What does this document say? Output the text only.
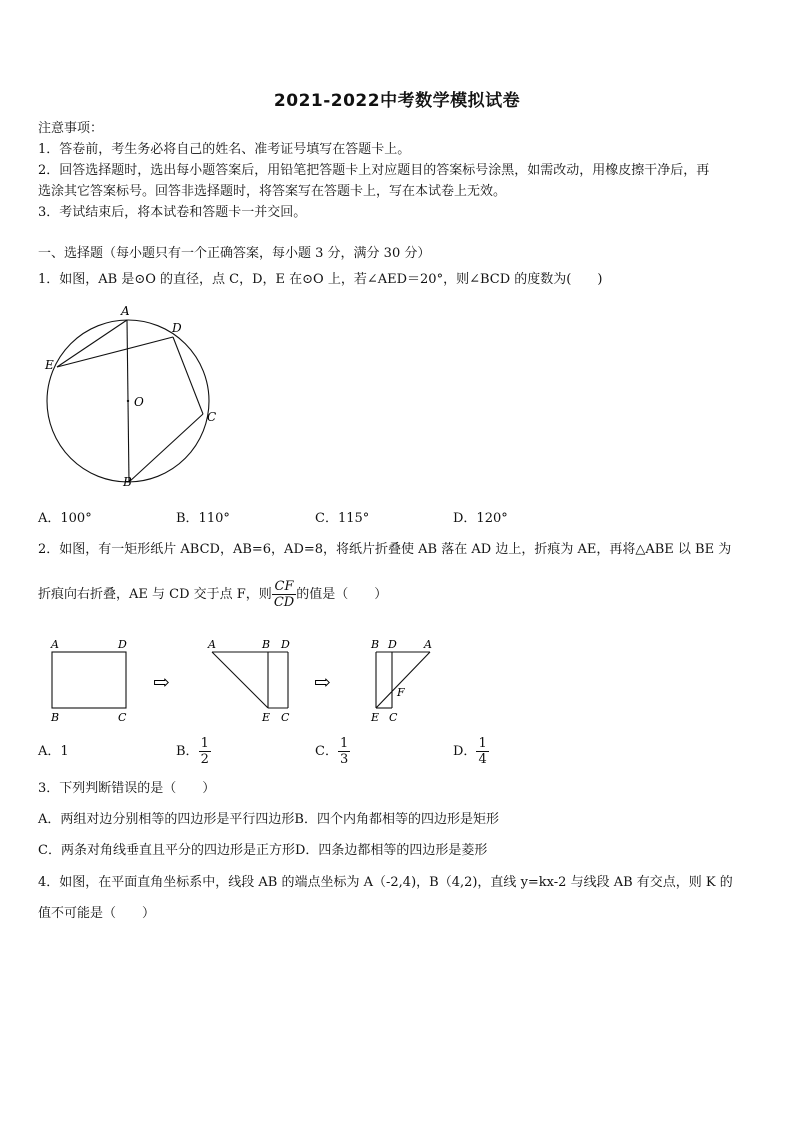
2021-2022中考数学模拟试卷
注意事项：
1．答卷前，考生务必将自己的姓名、准考证号填写在答题卡上。
2．回答选择题时，选出每小题答案后，用铅笔把答题卡上对应题目的答案标号涂黑，如需改动，用橡皮擦干净后，再
选涂其它答案标号。回答非选择题时，将答案写在答题卡上，写在本试卷上无效。
3．考试结束后，将本试卷和答题卡一并交回。
一、选择题（每小题只有一个正确答案，每小题 3 分，满分 30 分）
1．如图，AB 是⊙O 的直径，点 C，D，E 在⊙O 上，若∠AED＝20°，则∠BCD 的度数为(　　)
A
D
E
O
C
B
A．100°	B．110°	C．115°	D．120°
2．如图，有一矩形纸片 ABCD，AB=6，AD=8，将纸片折叠使 AB 落在 AD 边上，折痕为 AE，再将△ABE 以 BE 为
折痕向右折叠，AE 与 CD 交于点 F，则 $\frac{CF}{CD}$ 的值是（　　）
A	D
B	C
⇨
A	B D
E C
⇨
B D A
F
E C
A．1	B． $\frac{1}{2}$	C． $\frac{1}{3}$	D． $\frac{1}{4}$
3．下列判断错误的是（　　）
A．两组对边分别相等的四边形是平行四边形B．四个内角都相等的四边形是矩形
C．两条对角线垂直且平分的四边形是正方形D．四条边都相等的四边形是菱形
4．如图，在平面直角坐标系中，线段 AB 的端点坐标为 A（-2,4)，B（4,2)，直线 y=kx-2 与线段 AB 有交点，则 K 的
值不可能是（　　）
